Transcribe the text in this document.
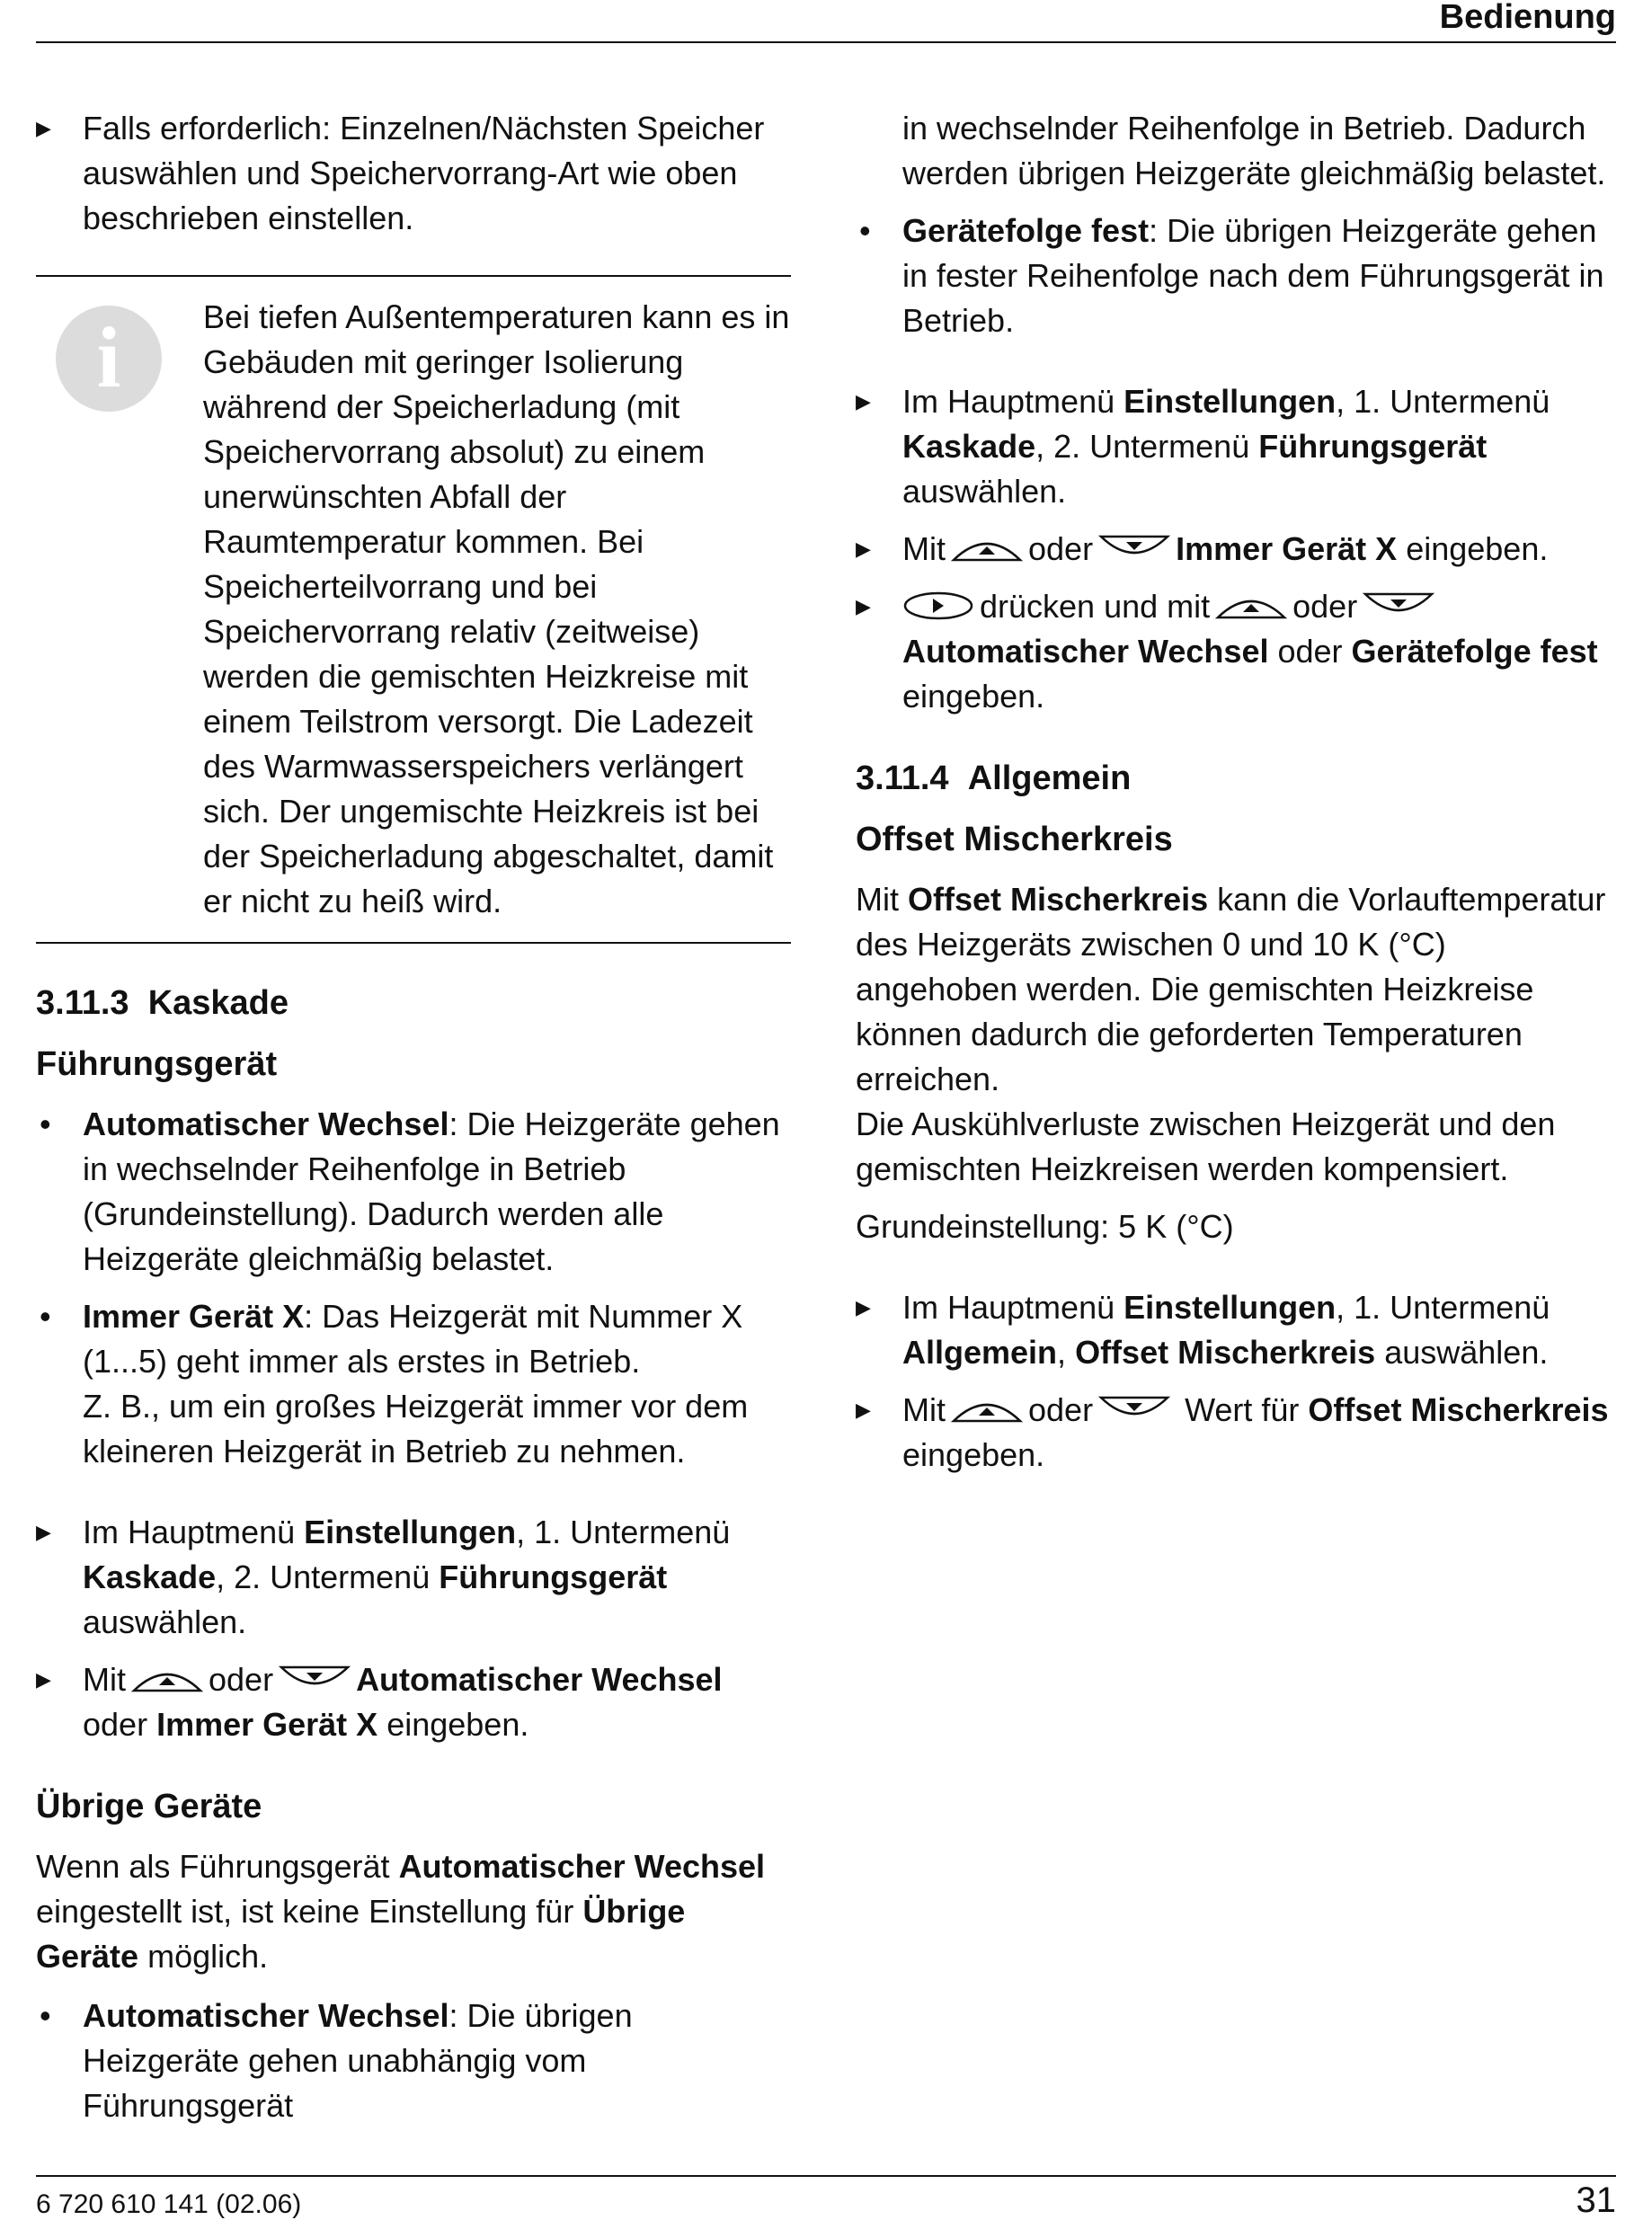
Bedienung
▶ Falls erforderlich: Einzelnen/Nächsten Speicher auswählen und Speichervorrang-Art wie oben beschrieben einstellen.

i	Bei tiefen Außentemperaturen kann es in Gebäuden mit geringer Isolierung während der Speicherladung (mit Speichervorrang absolut) zu einem unerwünschten Abfall der Raumtemperatur kommen. Bei Speicherteilvorrang und bei Speichervorrang relativ (zeitweise) werden die gemischten Heizkreise mit einem Teilstrom versorgt. Die Ladezeit des Warmwasserspeichers verlängert sich. Der ungemischte Heizkreis ist bei der Speicherladung abgeschaltet, damit er nicht zu heiß wird.

3.11.3 Kaskade
Führungsgerät
• Automatischer Wechsel: Die Heizgeräte gehen in wechselnder Reihenfolge in Betrieb (Grundeinstellung). Dadurch werden alle Heizgeräte gleichmäßig belastet.

• Immer Gerät X: Das Heizgerät mit Nummer X (1...5) geht immer als erstes in Betrieb.

Z. B., um ein großes Heizgerät immer vor dem kleineren Heizgerät in Betrieb zu nehmen.

▶ Im Hauptmenü Einstellungen, 1. Untermenü Kaskade, 2. Untermenü Führungsgerät auswählen.

▶ Mit	oder	Automatischer Wechsel oder Immer Gerät X eingeben.

Übrige Geräte

Wenn als Führungsgerät Automatischer Wechsel eingestellt ist, ist keine Einstellung für Übrige Geräte möglich.

• Automatischer Wechsel: Die übrigen Heizgeräte gehen unabhängig vom Führungsgerät

in wechselnder Reihenfolge in Betrieb. Dadurch werden übrigen Heizgeräte gleichmäßig belastet.

• Gerätefolge fest: Die übrigen Heizgeräte gehen in fester Reihenfolge nach dem Führungsgerät in Betrieb.

▶ Im Hauptmenü Einstellungen, 1. Untermenü Kaskade, 2. Untermenü Führungsgerät auswählen.

▶ Mit	oder	Immer Gerät X eingeben.

▶	drücken und mit	oder
Automatischer Wechsel oder Gerätefolge fest eingeben.

3.11.4 Allgemein
Offset Mischerkreis

Mit Offset Mischerkreis kann die Vorlauftemperatur des Heizgeräts zwischen 0 und 10 K (°C) angehoben werden. Die gemischten Heizkreise können dadurch die geforderten Temperaturen erreichen.

Die Auskühlverluste zwischen Heizgerät und den gemischten Heizkreisen werden kompensiert.

Grundeinstellung: 5 K (°C)

▶ Im Hauptmenü Einstellungen, 1. Untermenü Allgemein, Offset Mischerkreis auswählen.

▶ Mit	oder	Wert für Offset Mischerkreis eingeben.

6 720 610 141 (02.06)	31
